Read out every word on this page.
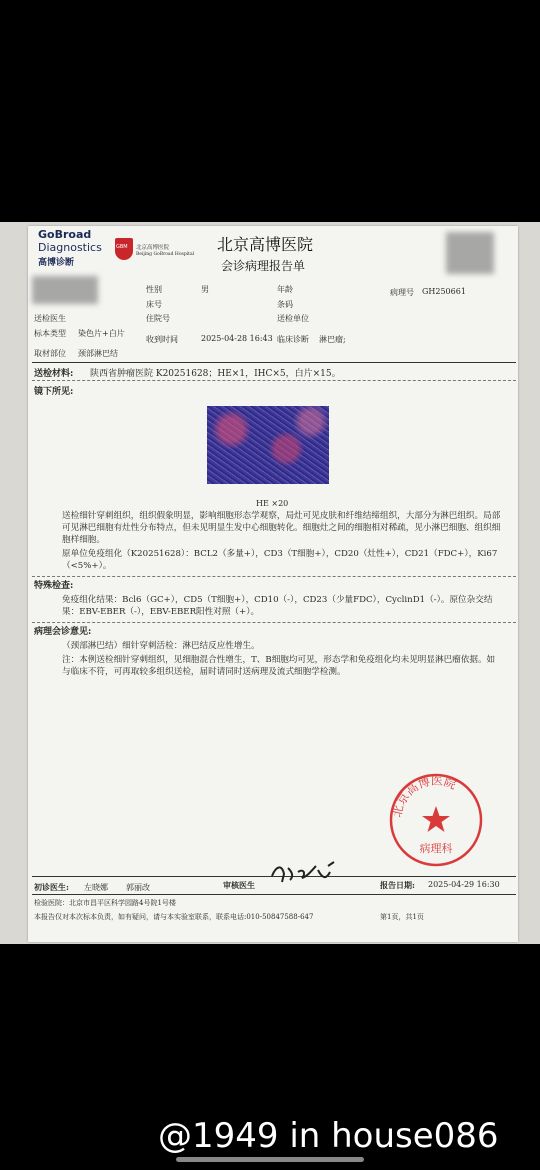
GoBroad
Diagnostics
高博诊断
GBM 北京高博医院
Beijing GoBroad Hospital
北京高博医院
会诊病理报告单
性别	男	年龄	病理号 GH250661
床号	条码
送检医生	住院号	送检单位
标本类型 染色片+白片
收到时间	2025-04-28 16:43 临床诊断 淋巴瘤;
取材部位 颈部淋巴结
送检材料: 陕西省肿瘤医院 K20251628；HE×1，IHC×5，白片×15。
镜下所见:
HE ×20
送检细针穿刺组织，组织假象明显，影响细胞形态学观察，局灶可见皮肤和纤维结缔组织，大部分为淋巴组织。局部可见淋巴细胞有灶性分布特点，但未见明显生发中心细胞转化。细胞灶之间的细胞相对稀疏，见小淋巴细胞、组织细胞样细胞。
原单位免疫组化（K20251628）：BCL2（多量+），CD3（T细胞+），CD20（灶性+），CD21（FDC+），Ki67（<5%+）。
特殊检查:
免疫组化结果：Bcl6（GC+），CD5（T细胞+），CD10（-），CD23（少量FDC），CyclinD1（-）。原位杂交结果：EBV-EBER（-），EBV-EBER阳性对照（+）。
病理会诊意见:
（颈部淋巴结）细针穿刺活检：淋巴结反应性增生。
注：本例送检细针穿刺组织，见细胞混合性增生，T、B细胞均可见，形态学和免疫组化均未见明显淋巴瘤依据。如与临床不符，可再取较多组织送检，届时请同时送病理及流式细胞学检测。
北京高博医院
病理科
初诊医生: 左晓娜 郭丽改	审核医生	报告日期: 2025-04-29 16:30
检验医院：北京市昌平区科学园路4号院1号楼
本报告仅对本次标本负责，如有疑问，请与本实验室联系，联系电话:010-50847588-647	第1页，共1页
@1949 in house086
